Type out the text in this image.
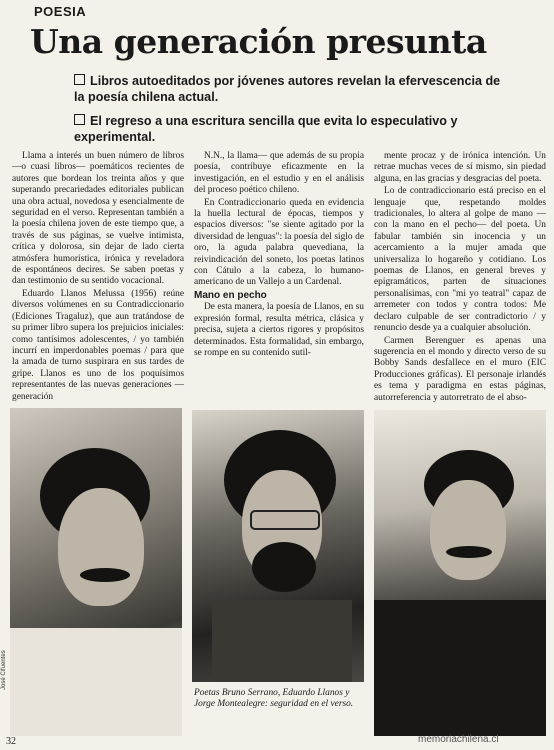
POESIA
Una generación presunta
Libros autoeditados por jóvenes autores revelan la efervescencia de la poesía chilena actual.
El regreso a una escritura sencilla que evita lo especulativo y experimental.

Llama a interés un buen número de libros —o cuasi libros— poemáticos recientes de autores que bordean los treinta años y que superando precariedades editoriales publican una obra actual, novedosa y esencialmente de seguridad en el verso. Representan también a la poesía chilena joven de este tiempo que, a través de sus páginas, se vuelve intimista, crítica y dolorosa, sin dejar de lado cierta atmósfera humorística, irónica y reveladora de espontáneos decires. Se saben poetas y dan testimonio de su sentido vocacional.

Eduardo Llanos Melussa (1956) reúne diversos volúmenes en su Contradiccionario (Ediciones Tragaluz), que aun tratándose de su primer libro supera los prejuicios iniciales: como tantísimos adolescentes, / yo también incurrí en imperdonables poemas / para que la amada de turno suspirara en sus tardes de gripe. Llanos es uno de los poquísimos representantes de las nuevas generaciones —generación

N.N., la llama— que además de su propia poesía, contribuye eficazmente en la investigación, en el estudio y en el análisis del proceso poético chileno.

En Contradiccionario queda en evidencia la huella lectural de épocas, tiempos y espacios diversos: "se siente agitado por la diversidad de lenguas": la poesía del siglo de oro, la aguda palabra quevediana, la reivindicación del soneto, los poetas latinos con Cátulo a la cabeza, lo humano-americano de un Vallejo a un Cardenal.

Mano en pecho

De esta manera, la poesía de Llanos, en su expresión formal, resulta métrica, clásica y precisa, sujeta a ciertos rigores y propósitos determinados. Esta formalidad, sin embargo, se rompe en su contenido sutil-

mente procaz y de irónica intención. Un retrae muchas veces de sí mismo, sin piedad alguna, en las gracias y desgracias del poeta.

Lo de contradiccionario está preciso en el lenguaje que, respetando moldes tradicionales, lo altera al golpe de mano —con la mano en el pecho— del poeta. Un fabular también sin inocencia y un acercamiento a la mujer amada que universaliza lo hogareño y cotidiano. Los poemas de Llanos, en general breves y epigramáticos, parten de situaciones personalísimas, con "mi yo teatral" capaz de arremeter con todos y contra todos: Me declaro culpable de ser contradictorio / y renuncio desde ya a cualquier absolución.

Carmen Berenguer es apenas una sugerencia en el mondo y directo verso de su Bobby Sands desfallece en el muro (EIC Producciones gráficas). El personaje irlandés es tema y paradigma en estas páginas, autorreferencia y autorretrato de el abso-

Poetas Bruno Serrano, Eduardo Llanos y Jorge Montealegre: seguridad en el verso.
José Cifuentes
32	memoriachilena.cl
